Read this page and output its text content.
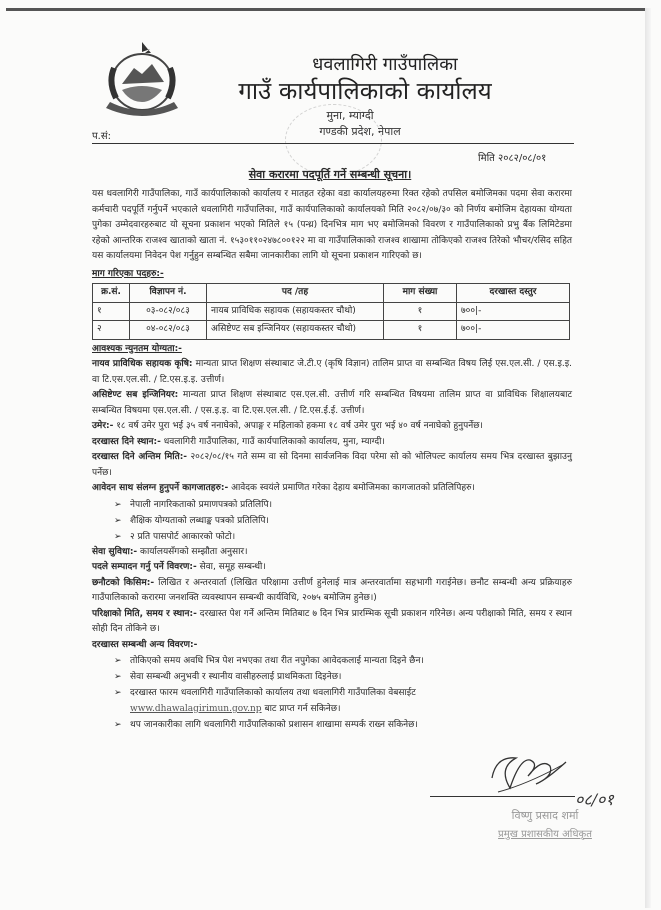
धवलागिरी गाउँपालिका
गाउँ कार्यपालिकाको कार्यालय
मुना, म्याग्दी
गण्डकी प्रदेश, नेपाल
प.सं:
मिति २०८२/०८/०१
सेवा करारमा पदपूर्ति गर्ने सम्बन्धी सूचना।

यस धवलागिरी गाउँपालिका, गाउँ कार्यपालिकाको कार्यालय र मातहत रहेका वडा कार्यालयहरुमा रिक्त रहेको तपसिल बमोजिमका पदमा सेवा करारमा कर्मचारी पदपूर्ति गर्नुपर्ने भएकाले धवलागिरी गाउँपालिका, गाउँ कार्यपालिकाको कार्यालयको मिति २०८२/०७/३० को निर्णय बमोजिम देहायका योग्यता पुगेका उम्मेदवारहरुबाट यो सूचना प्रकाशन भएको मितिले १५ (पन्ध्र) दिनभित्र माग भए बमोजिमको विवरण र गाउँपालिकाको प्रभु बैंक लिमिटेडमा रहेको आन्तरिक राजश्व खाताको खाता नं. १५३०११०२४७८००१२२ मा वा गाउँपालिकाको राजश्व शाखामा तोकिएको राजश्व तिरेको भौचर/रसिद सहित यस कार्यालयमा निवेदन पेश गर्नुहुन सम्बन्धित सबैमा जानकारीका लागि यो सूचना प्रकाशन गारिएको छ।

माग गरिएका पदहरु:-
क्र.सं.	विज्ञापन नं.	पद /तह	माग संख्या	दरखास्त दस्तुर
१	०३-०८२/०८३	नायब प्राविधिक सहायक (सहायकस्तर चौथो)	१	७००|-
२	०४-०८२/०८३	असिष्टेण्ट सब इन्जिनियर (सहायकस्तर चौथो)	१	७००|-
आवश्यक न्युनतम योग्यता:-

नायव प्राविधिक सहायक कृषि: मान्यता प्राप्त शिक्षण संस्थाबाट जे.टी.ए (कृषि विज्ञान) तालिम प्राप्त वा सम्बन्धित विषय लिई एस.एल.सी. / एस.इ.इ. वा टि.एस.एल.सी. / टि.एस.इ.इ. उत्तीर्ण।

असिष्टेण्ट सब इन्जिनियर: मान्यता प्राप्त शिक्षण संस्थाबाट एस.एल.सी. उत्तीर्ण गरि सम्बन्धित विषयमा तालिम प्राप्त वा प्राविधिक शिक्षालयबाट सम्बन्धित विषयमा एस.एल.सी. / एस.इ.इ. वा टि.एस.एल.सी. / टि.एस.ई.ई. उत्तीर्ण।

उमेर:- १८ वर्ष उमेर पुरा भई ३५ वर्ष ननाघेको, अपाङ्ग र महिलाको हकमा १८ वर्ष उमेर पुरा भई ४० वर्ष ननाघेको हुनुपर्नेछ।

दरखास्त दिने स्थान:- धवलागिरी गाउँपालिका, गाउँ कार्यपालिकाको कार्यालय, मुना, म्याग्दी।

दरखास्त दिने अन्तिम मिति:- २०८२/०८/१५ गते सम्म वा सो दिनमा सार्वजनिक विदा परेमा सो को भोलिपल्ट कार्यालय समय भित्र दरखास्त बुझाउनु पर्नेछ।

आवेदन साथ संलग्न हुनुपर्ने कागजातहरु:- आवेदक स्वयंले प्रमाणित गरेका देहाय बमोजिमका कागजातको प्रतिलिपिहरु।

➢ नेपाली नागरिकताको प्रमाणपत्रको प्रतिलिपि।
➢ शैक्षिक योग्यताको लब्धाङ्क पत्रको प्रतिलिपि।
➢ २ प्रति पासपोर्ट आकारको फोटो।

सेवा सुविधा:- कार्यालयसँगको सम्झौता अनुसार।

पदले सम्पादन गर्नु पर्ने विवरण:- सेवा, समूह सम्बन्धी।

छनौटको किसिम:- लिखित र अन्तरवार्ता (लिखित परिक्षामा उत्तीर्ण हुनेलाई मात्र अन्तरवार्तामा सहभागी गराईनेछ। छनौट सम्बन्धी अन्य प्रक्रियाहरु गाउँपालिकाको करारमा जनशक्ति व्यवस्थापन सम्बन्धी कार्यविधि, २०७५ बमोजिम हुनेछ।)

परिक्षाको मिति, समय र स्थान:- दरखास्त पेश गर्ने अन्तिम मितिबाट ७ दिन भित्र प्रारम्भिक सूची प्रकाशन गरिनेछ। अन्य परीक्षाको मिति, समय र स्थान सोही दिन तोकिने छ।

दरखास्त सम्बन्धी अन्य विवरण:-
➢ तोकिएको समय अवधि भित्र पेश नभएका तथा रीत नपुगेका आवेदकलाई मान्यता दिइने छैन।
➢ सेवा सम्बन्धी अनुभवी र स्थानीय वासीहरुलाई प्राथमिकता दिइनेछ।
➢ दरखास्त फारम धवलागिरी गाउँपालिकाको कार्यालय तथा धवलागिरी गाउँपालिका वेबसाईट
www.dhawalagirimun.gov.np बाट प्राप्त गर्न सकिनेछ।
➢ थप जानकारीका लागि धवलागिरी गाउँपालिकाको प्रशासन शाखामा सम्पर्क राख्न सकिनेछ।
०८/०१
विष्णु प्रसाद शर्मा
प्रमुख प्रशासकीय अधिकृत
